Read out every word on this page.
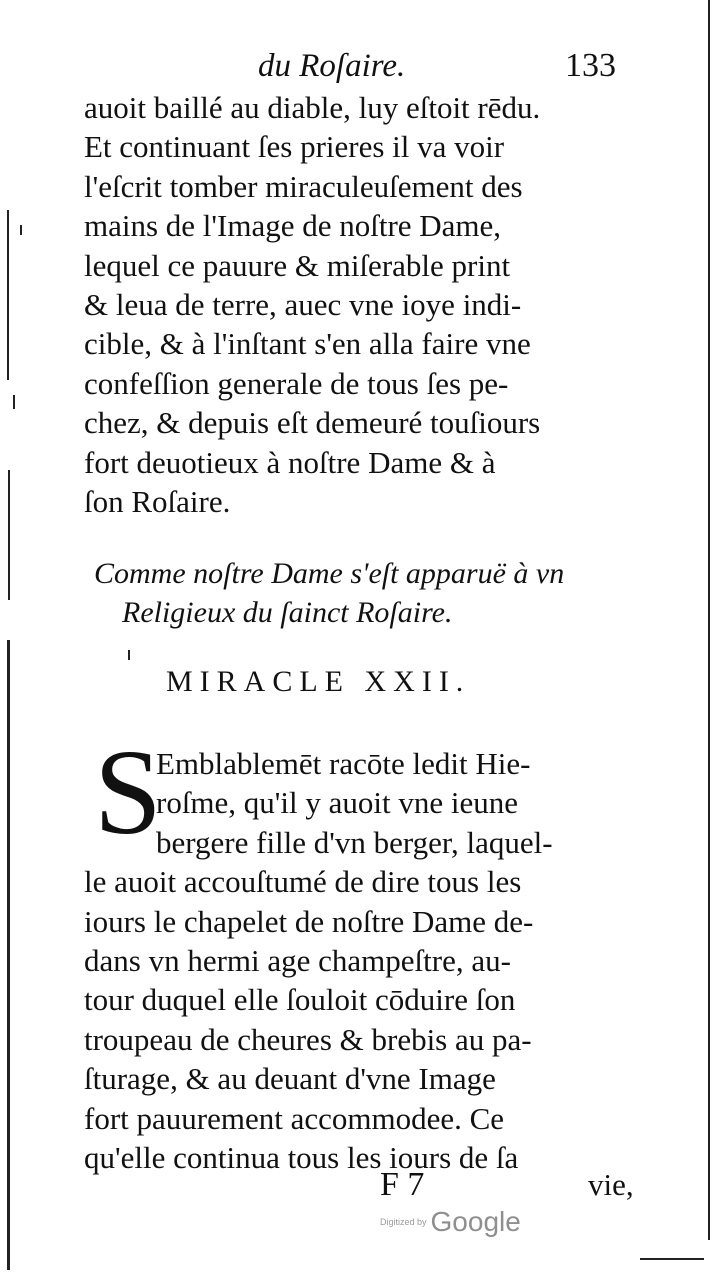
du Roſaire.	133
auoit baillé au diable, luy eſtoit rēdu.
Et continuant ſes prieres il va voir
l'eſcrit tomber miraculeuſement des
mains de l'Image de noſtre Dame,
lequel ce pauure & miſerable print
& leua de terre, auec vne ioye indi-
cible, & à l'inſtant s'en alla faire vne
confeſſion generale de tous ſes pe-
chez, & depuis eſt demeuré touſiours
fort deuotieux à noſtre Dame & à
ſon Roſaire.
Comme noſtre Dame s'eſt apparuë à vn
Religieux du ſainct Roſaire.
MIRACLE XXII.
S
Emblablemēt racōte ledit Hie-
roſme, qu'il y auoit vne ieune
bergere fille d'vn berger, laquel-
le auoit accouſtumé de dire tous les
iours le chapelet de noſtre Dame de-
dans vn hermi age champeſtre, au-
tour duquel elle ſouloit cōduire ſon
troupeau de cheures & brebis au pa-
ſturage, & au deuant d'vne Image
fort pauurement accommodee. Ce
qu'elle continua tous les iours de ſa
F 7	vie,
Digitized by Google
